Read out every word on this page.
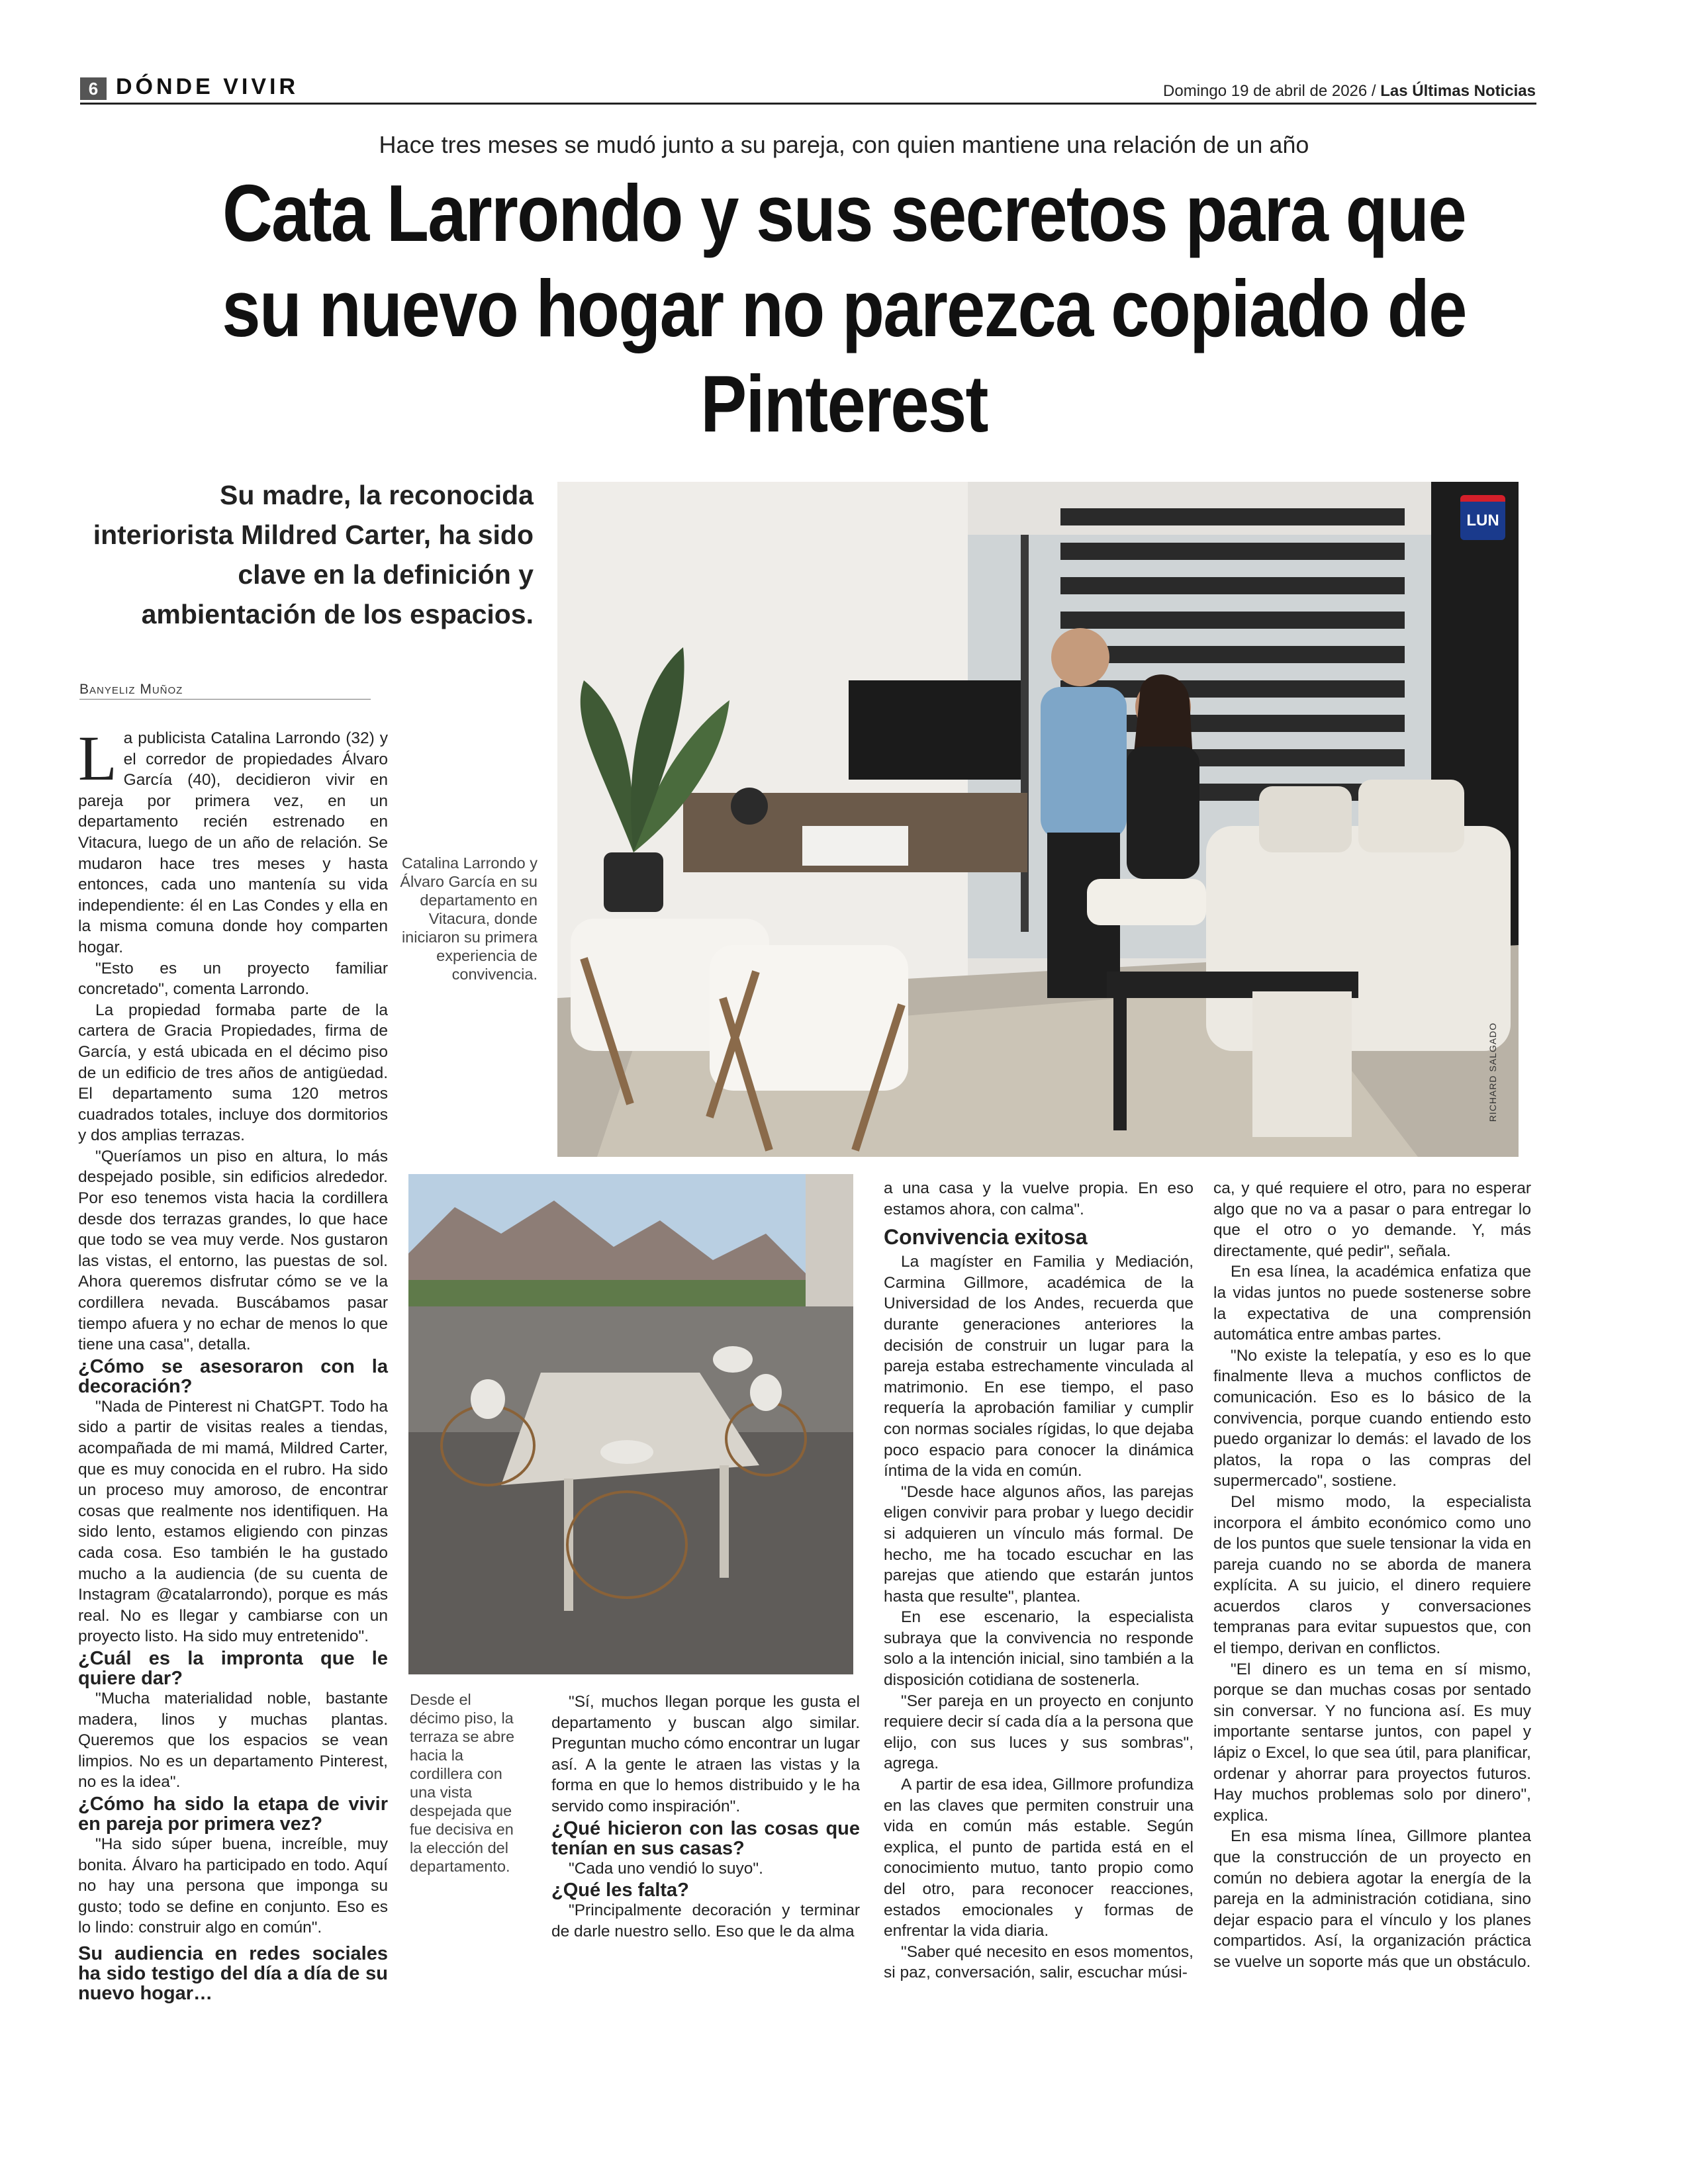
6 DÓNDE VIVIR	Domingo 19 de abril de 2026 / Las Últimas Noticias
Hace tres meses se mudó junto a su pareja, con quien mantiene una relación de un año
Cata Larrondo y sus secretos para que su nuevo hogar no parezca copiado de Pinterest
Su madre, la reconocida interiorista Mildred Carter, ha sido clave en la definición y ambientación de los espacios.
Banyeliz Muñoz
LUN
RICHARD SALGADO
Catalina Larrondo y Álvaro García en su departamento en Vitacura, donde iniciaron su primera experiencia de convivencia.
Desde el décimo piso, la terraza se abre hacia la cordillera con una vista despejada que fue decisiva en la elección del departamento.

La publicista Catalina Larrondo (32) y el corredor de propiedades Álvaro García (40), decidieron vivir en pareja por primera vez, en un departamento recién estrenado en Vitacura, luego de un año de relación. Se mudaron hace tres meses y hasta entonces, cada uno mantenía su vida independiente: él en Las Condes y ella en la misma comuna donde hoy comparten hogar.

"Esto es un proyecto familiar concretado", comenta Larrondo.

La propiedad formaba parte de la cartera de Gracia Propiedades, firma de García, y está ubicada en el décimo piso de un edificio de tres años de antigüedad. El departamento suma 120 metros cuadrados totales, incluye dos dormitorios y dos amplias terrazas.

"Queríamos un piso en altura, lo más despejado posible, sin edificios alrededor. Por eso tenemos vista hacia la cordillera desde dos terrazas grandes, lo que hace que todo se vea muy verde. Nos gustaron las vistas, el entorno, las puestas de sol. Ahora queremos disfrutar cómo se ve la cordillera nevada. Buscábamos pasar tiempo afuera y no echar de menos lo que tiene una casa", detalla.

¿Cómo se asesoraron con la decoración?

"Nada de Pinterest ni ChatGPT. Todo ha sido a partir de visitas reales a tiendas, acompañada de mi mamá, Mildred Carter, que es muy conocida en el rubro. Ha sido un proceso muy amoroso, de encontrar cosas que realmente nos identifiquen. Ha sido lento, estamos eligiendo con pinzas cada cosa. Eso también le ha gustado mucho a la audiencia (de su cuenta de Instagram @catalarrondo), porque es más real. No es llegar y cambiarse con un proyecto listo. Ha sido muy entretenido".

¿Cuál es la impronta que le quiere dar?

"Mucha materialidad noble, bastante madera, linos y muchas plantas. Queremos que los espacios se vean limpios. No es un departamento Pinterest, no es la idea".

¿Cómo ha sido la etapa de vivir en pareja por primera vez?

"Ha sido súper buena, increíble, muy bonita. Álvaro ha participado en todo. Aquí no hay una persona que imponga su gusto; todo se define en conjunto. Eso es lo lindo: construir algo en común".

Su audiencia en redes sociales ha sido testigo del día a día de su nuevo hogar…

"Sí, muchos llegan porque les gusta el departamento y buscan algo similar. Preguntan mucho cómo encontrar un lugar así. A la gente le atraen las vistas y la forma en que lo hemos distribuido y le ha servido como inspiración".

¿Qué hicieron con las cosas que tenían en sus casas?

"Cada uno vendió lo suyo".

¿Qué les falta?

"Principalmente decoración y terminar de darle nuestro sello. Eso que le da alma

a una casa y la vuelve propia. En eso estamos ahora, con calma".

Convivencia exitosa

La magíster en Familia y Mediación, Carmina Gillmore, académica de la Universidad de los Andes, recuerda que durante generaciones anteriores la decisión de construir un lugar para la pareja estaba estrechamente vinculada al matrimonio. En ese tiempo, el paso requería la aprobación familiar y cumplir con normas sociales rígidas, lo que dejaba poco espacio para conocer la dinámica íntima de la vida en común.

"Desde hace algunos años, las parejas eligen convivir para probar y luego decidir si adquieren un vínculo más formal. De hecho, me ha tocado escuchar en las parejas que atiendo que estarán juntos hasta que resulte", plantea.

En ese escenario, la especialista subraya que la convivencia no responde solo a la intención inicial, sino también a la disposición cotidiana de sostenerla.

"Ser pareja en un proyecto en conjunto requiere decir sí cada día a la persona que elijo, con sus luces y sus sombras", agrega.

A partir de esa idea, Gillmore profundiza en las claves que permiten construir una vida en común más estable. Según explica, el punto de partida está en el conocimiento mutuo, tanto propio como del otro, para reconocer reacciones, estados emocionales y formas de enfrentar la vida diaria.

"Saber qué necesito en esos momentos, si paz, conversación, salir, escuchar músi-

ca, y qué requiere el otro, para no esperar algo que no va a pasar o para entregar lo que el otro o yo demande. Y, más directamente, qué pedir", señala.

En esa línea, la académica enfatiza que la vidas juntos no puede sostenerse sobre la expectativa de una comprensión automática entre ambas partes.

"No existe la telepatía, y eso es lo que finalmente lleva a muchos conflictos de comunicación. Eso es lo básico de la convivencia, porque cuando entiendo esto puedo organizar lo demás: el lavado de los platos, la ropa o las compras del supermercado", sostiene.

Del mismo modo, la especialista incorpora el ámbito económico como uno de los puntos que suele tensionar la vida en pareja cuando no se aborda de manera explícita. A su juicio, el dinero requiere acuerdos claros y conversaciones tempranas para evitar supuestos que, con el tiempo, derivan en conflictos.

"El dinero es un tema en sí mismo, porque se dan muchas cosas por sentado sin conversar. Y no funciona así. Es muy importante sentarse juntos, con papel y lápiz o Excel, lo que sea útil, para planificar, ordenar y ahorrar para proyectos futuros. Hay muchos problemas solo por dinero", explica.

En esa misma línea, Gillmore plantea que la construcción de un proyecto en común no debiera agotar la energía de la pareja en la administración cotidiana, sino dejar espacio para el vínculo y los planes compartidos. Así, la organización práctica se vuelve un soporte más que un obstáculo.
